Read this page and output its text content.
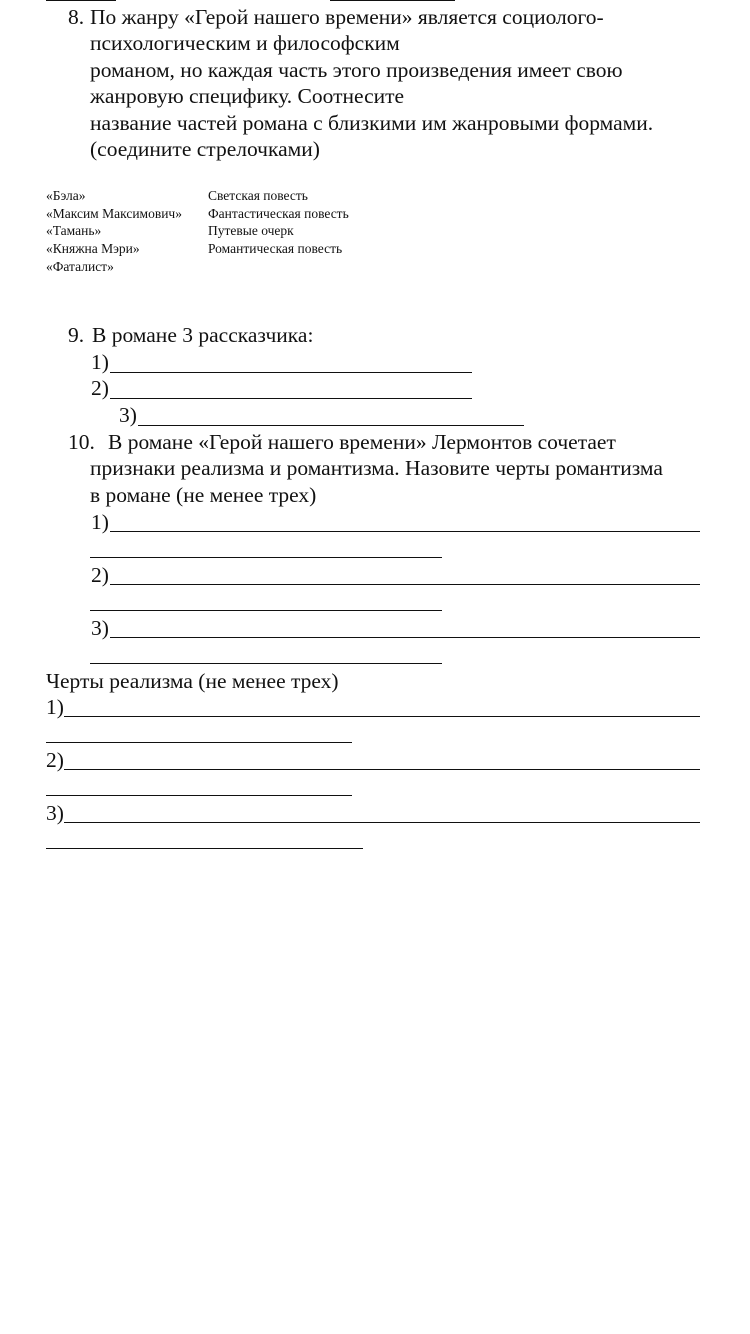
8. По жанру «Герой нашего времени» является социолого-
психологическим и философским
романом, но каждая часть этого произведения имеет свою
жанровую специфику. Соотнесите
название частей романа с близкими им жанровыми формами.
(соедините стрелочками)
«Бэла»
«Максим Максимович»
«Тамань»
«Княжна Мэри»
«Фаталист»
Светская повесть
Фантастическая повесть
Путевые очерк
Романтическая повесть
9. В романе 3 рассказчика:
1)
2)
3)
10. В романе «Герой нашего времени» Лермонтов сочетает
признаки реализма и романтизма. Назовите черты романтизма
в романе (не менее трех)
1)
2)
3)
Черты реализма (не менее трех)
1)
2)
3)
